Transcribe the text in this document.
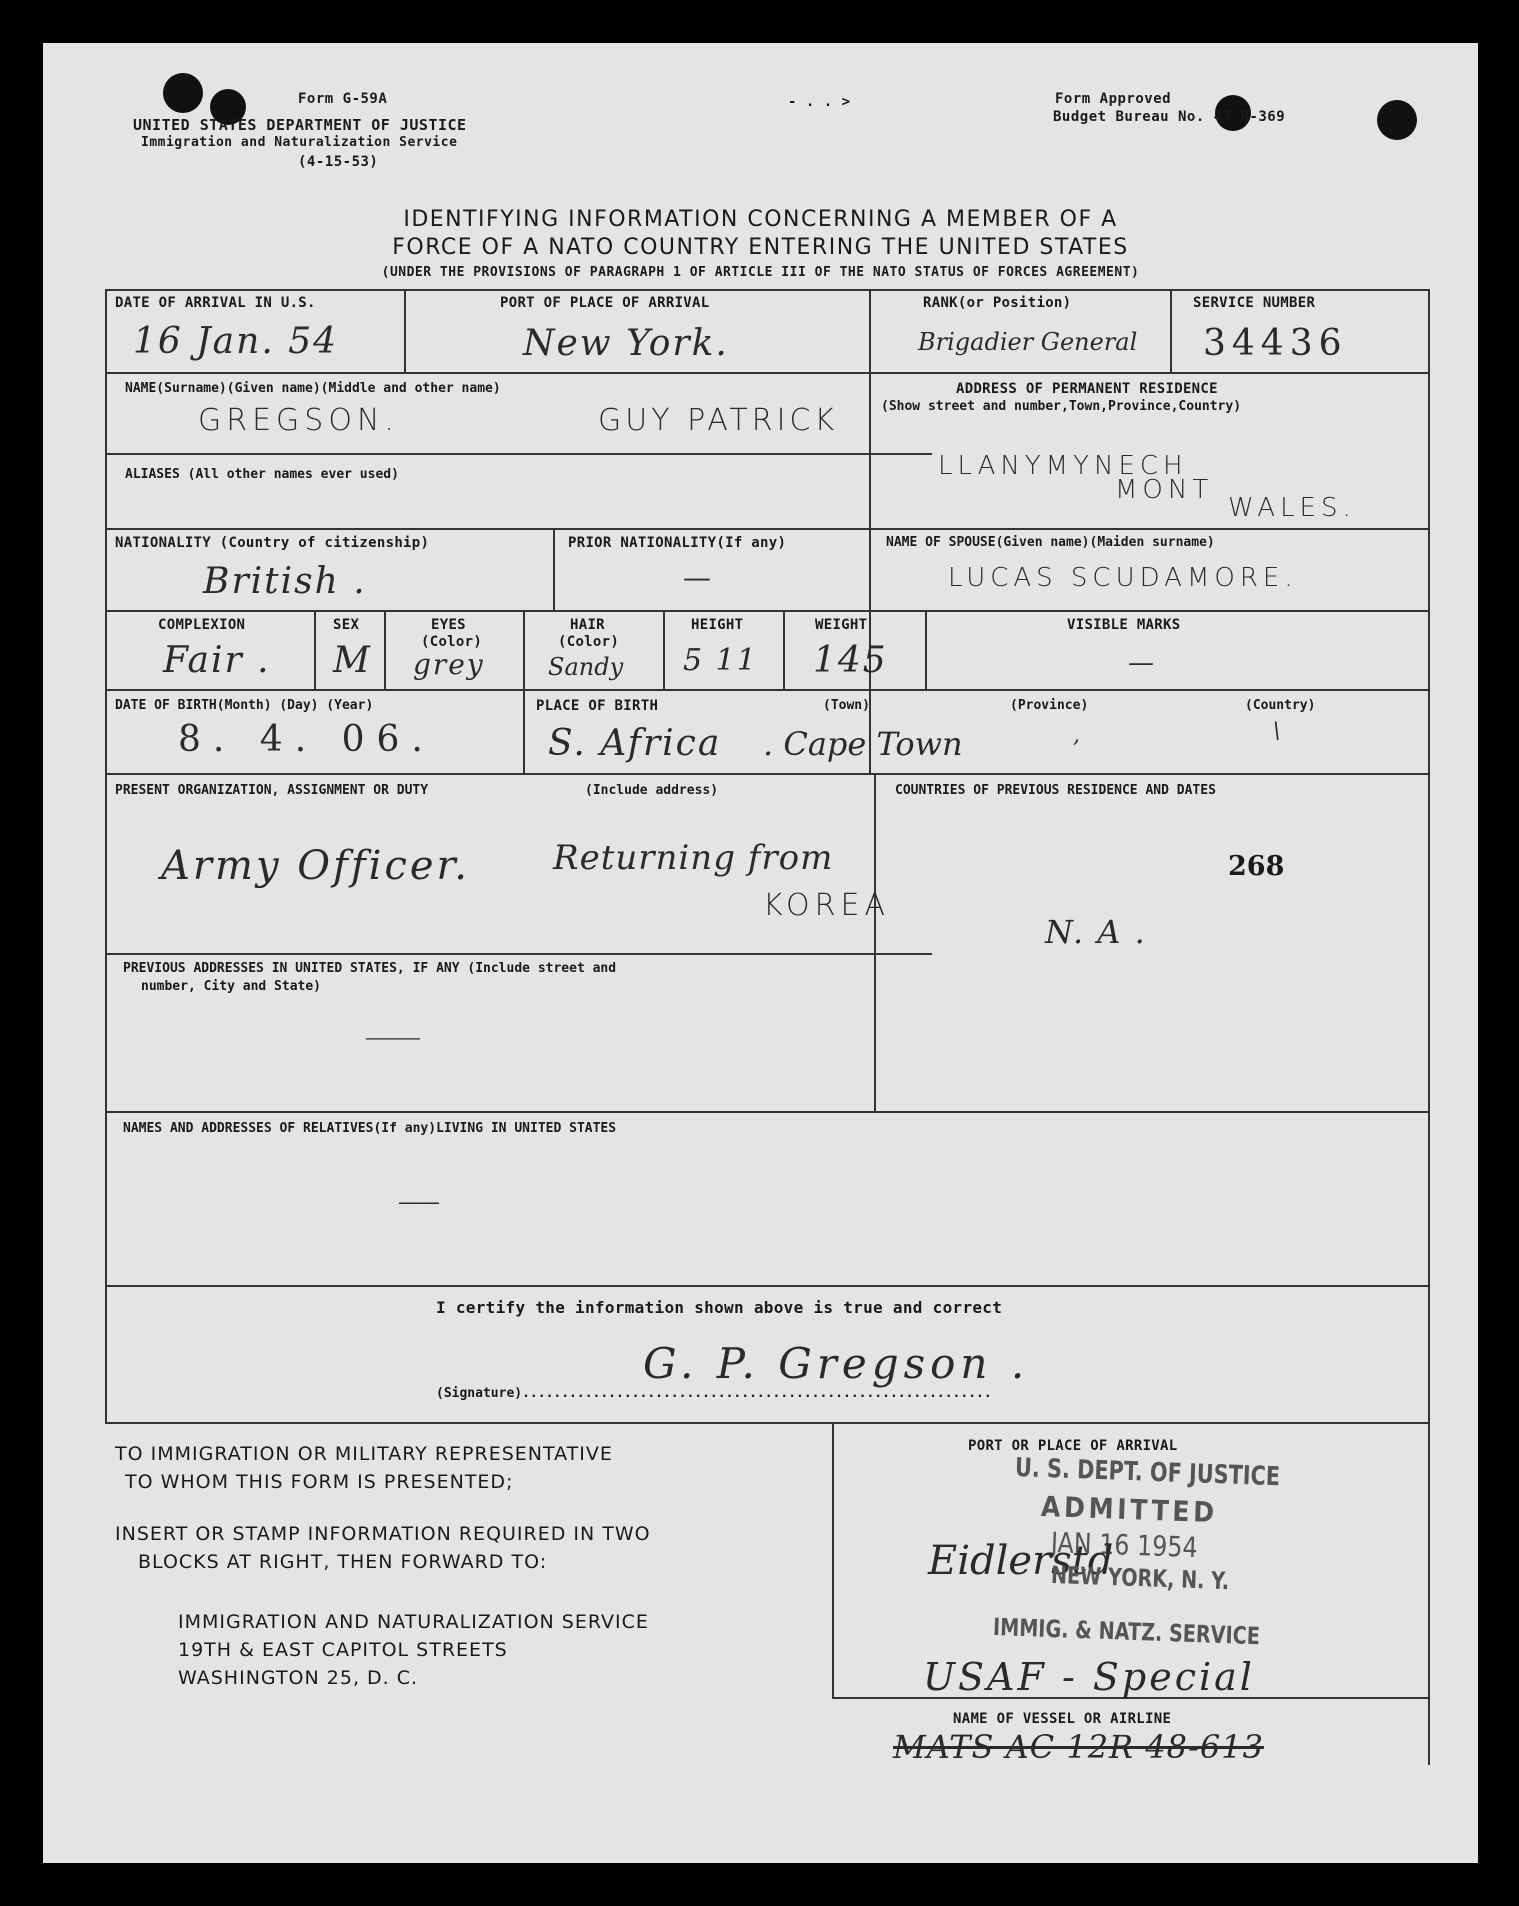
Form G-59A
UNITED STATES DEPARTMENT OF JUSTICE
Immigration and Naturalization Service
(4-15-53)
- . . >	Form Approved
Budget Bureau No. 43 R-369
IDENTIFYING INFORMATION CONCERNING A MEMBER OF A
FORCE OF A NATO COUNTRY ENTERING THE UNITED STATES
(UNDER THE PROVISIONS OF PARAGRAPH 1 OF ARTICLE III OF THE NATO STATUS OF FORCES AGREEMENT)
DATE OF ARRIVAL IN U.S.
16 Jan. 54
PORT OF PLACE OF ARRIVAL
New York.
RANK(or Position)
Brigadier General
SERVICE NUMBER
34436
NAME(Surname)(Given name)(Middle and other name)
GREGSON.	GUY PATRICK
ADDRESS OF PERMANENT RESIDENCE
(Show street and number,Town,Province,Country)
LLANYMYNECH
MONT
WALES.
ALIASES (All other names ever used)
NATIONALITY (Country of citizenship)
British .
PRIOR NATIONALITY(If any)
—
NAME OF SPOUSE(Given name)(Maiden surname)
LUCAS SCUDAMORE.
COMPLEXION
Fair .
SEX
M
EYES
(Color)
grey
HAIR
(Color)
Sandy
HEIGHT
5 11
WEIGHT
145
VISIBLE MARKS
—
DATE OF BIRTH(Month) (Day) (Year)
8. 4. 06.
PLACE OF BIRTH	(Town)	(Province)	(Country)
S. Africa . Cape Town	,	\
PRESENT ORGANIZATION, ASSIGNMENT OR DUTY	(Include address)
Army Officer. Returning from
KOREA
COUNTRIES OF PREVIOUS RESIDENCE AND DATES
268
N. A .
PREVIOUS ADDRESSES IN UNITED STATES, IF ANY (Include street and
number, City and State)
———
NAMES AND ADDRESSES OF RELATIVES(If any)LIVING IN UNITED STATES
——
I certify the information shown above is true and correct
(Signature)............................................................
G. P. Gregson .
TO IMMIGRATION OR MILITARY REPRESENTATIVE
TO WHOM THIS FORM IS PRESENTED;
INSERT OR STAMP INFORMATION REQUIRED IN TWO
BLOCKS AT RIGHT, THEN FORWARD TO:
IMMIGRATION AND NATURALIZATION SERVICE
19TH & EAST CAPITOL STREETS
WASHINGTON 25, D. C.
PORT OR PLACE OF ARRIVAL
U. S. DEPT. OF JUSTICE
ADMITTED
JAN 16 1954
Eidlerstd
NEW YORK, N. Y.
IMMIG. & NATZ. SERVICE
USAF - Special
NAME OF VESSEL OR AIRLINE
MATS AC 12R 48-613
